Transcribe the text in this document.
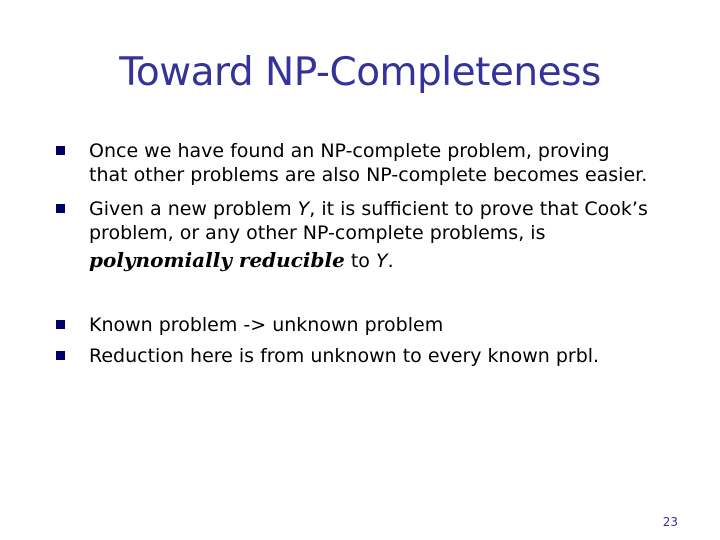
Toward NP-Completeness
Once we have found an NP-complete problem, proving
that other problems are also NP-complete becomes easier.
Given a new problem Y, it is sufficient to prove that Cook’s
problem, or any other NP-complete problems, is
polynomially reducible to Y.
Known problem -> unknown problem
Reduction here is from unknown to every known prbl.
23
